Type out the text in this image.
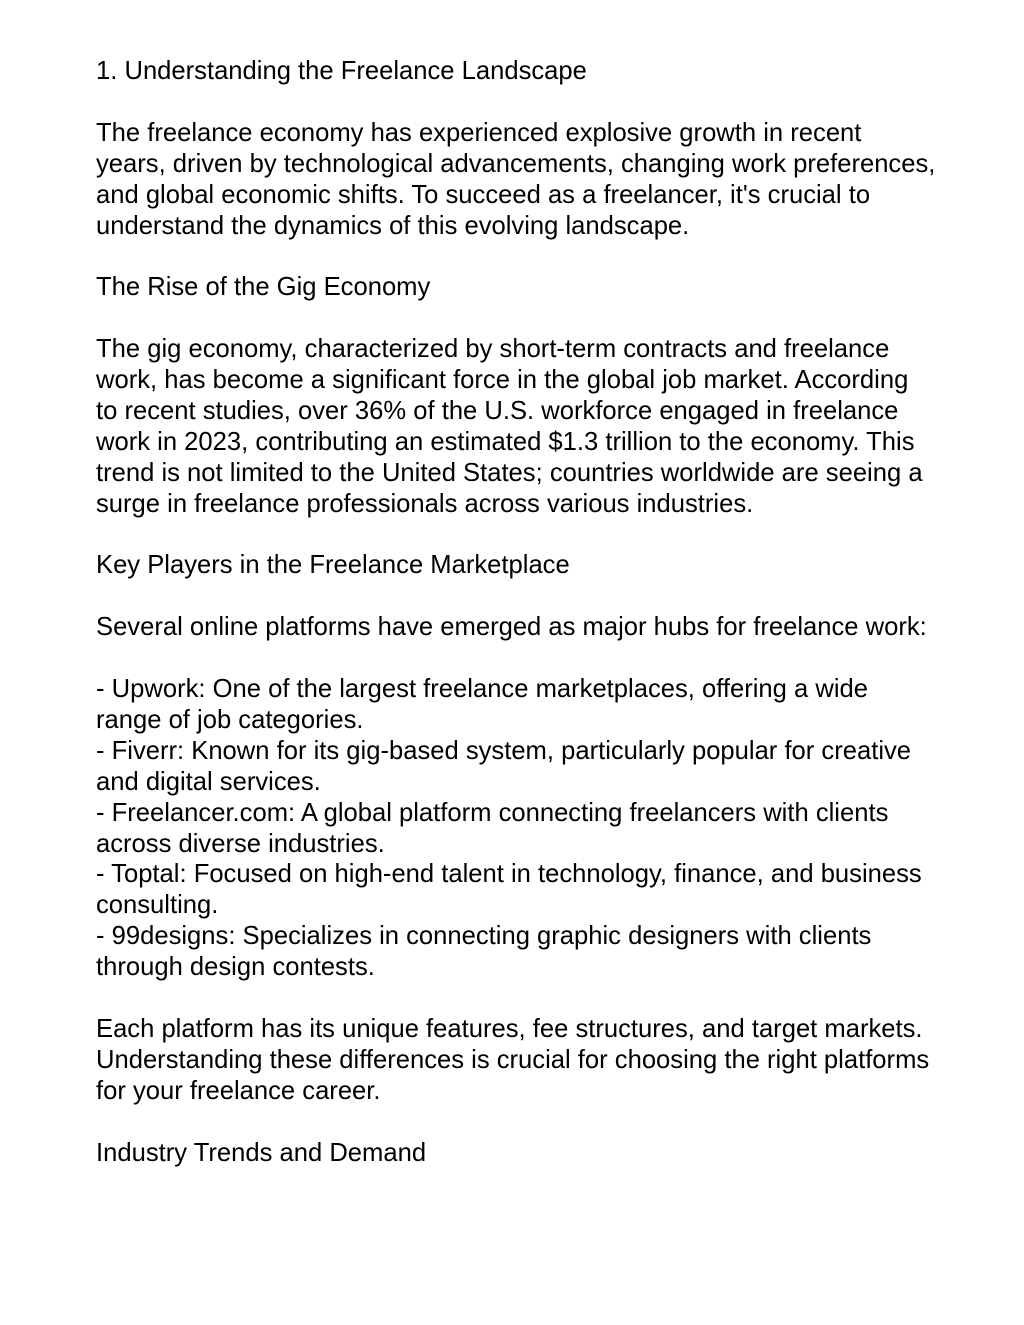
1. Understanding the Freelance Landscape

The freelance economy has experienced explosive growth in recent years, driven by technological advancements, changing work preferences, and global economic shifts. To succeed as a freelancer, it's crucial to understand the dynamics of this evolving landscape.

The Rise of the Gig Economy

The gig economy, characterized by short-term contracts and freelance work, has become a significant force in the global job market. According to recent studies, over 36% of the U.S. workforce engaged in freelance work in 2023, contributing an estimated $1.3 trillion to the economy. This trend is not limited to the United States; countries worldwide are seeing a surge in freelance professionals across various industries.

Key Players in the Freelance Marketplace

Several online platforms have emerged as major hubs for freelance work:

- Upwork: One of the largest freelance marketplaces, offering a wide range of job categories.
- Fiverr: Known for its gig-based system, particularly popular for creative and digital services.
- Freelancer.com: A global platform connecting freelancers with clients across diverse industries.
- Toptal: Focused on high-end talent in technology, finance, and business consulting.
- 99designs: Specializes in connecting graphic designers with clients through design contests.

Each platform has its unique features, fee structures, and target markets. Understanding these differences is crucial for choosing the right platforms for your freelance career.

Industry Trends and Demand
